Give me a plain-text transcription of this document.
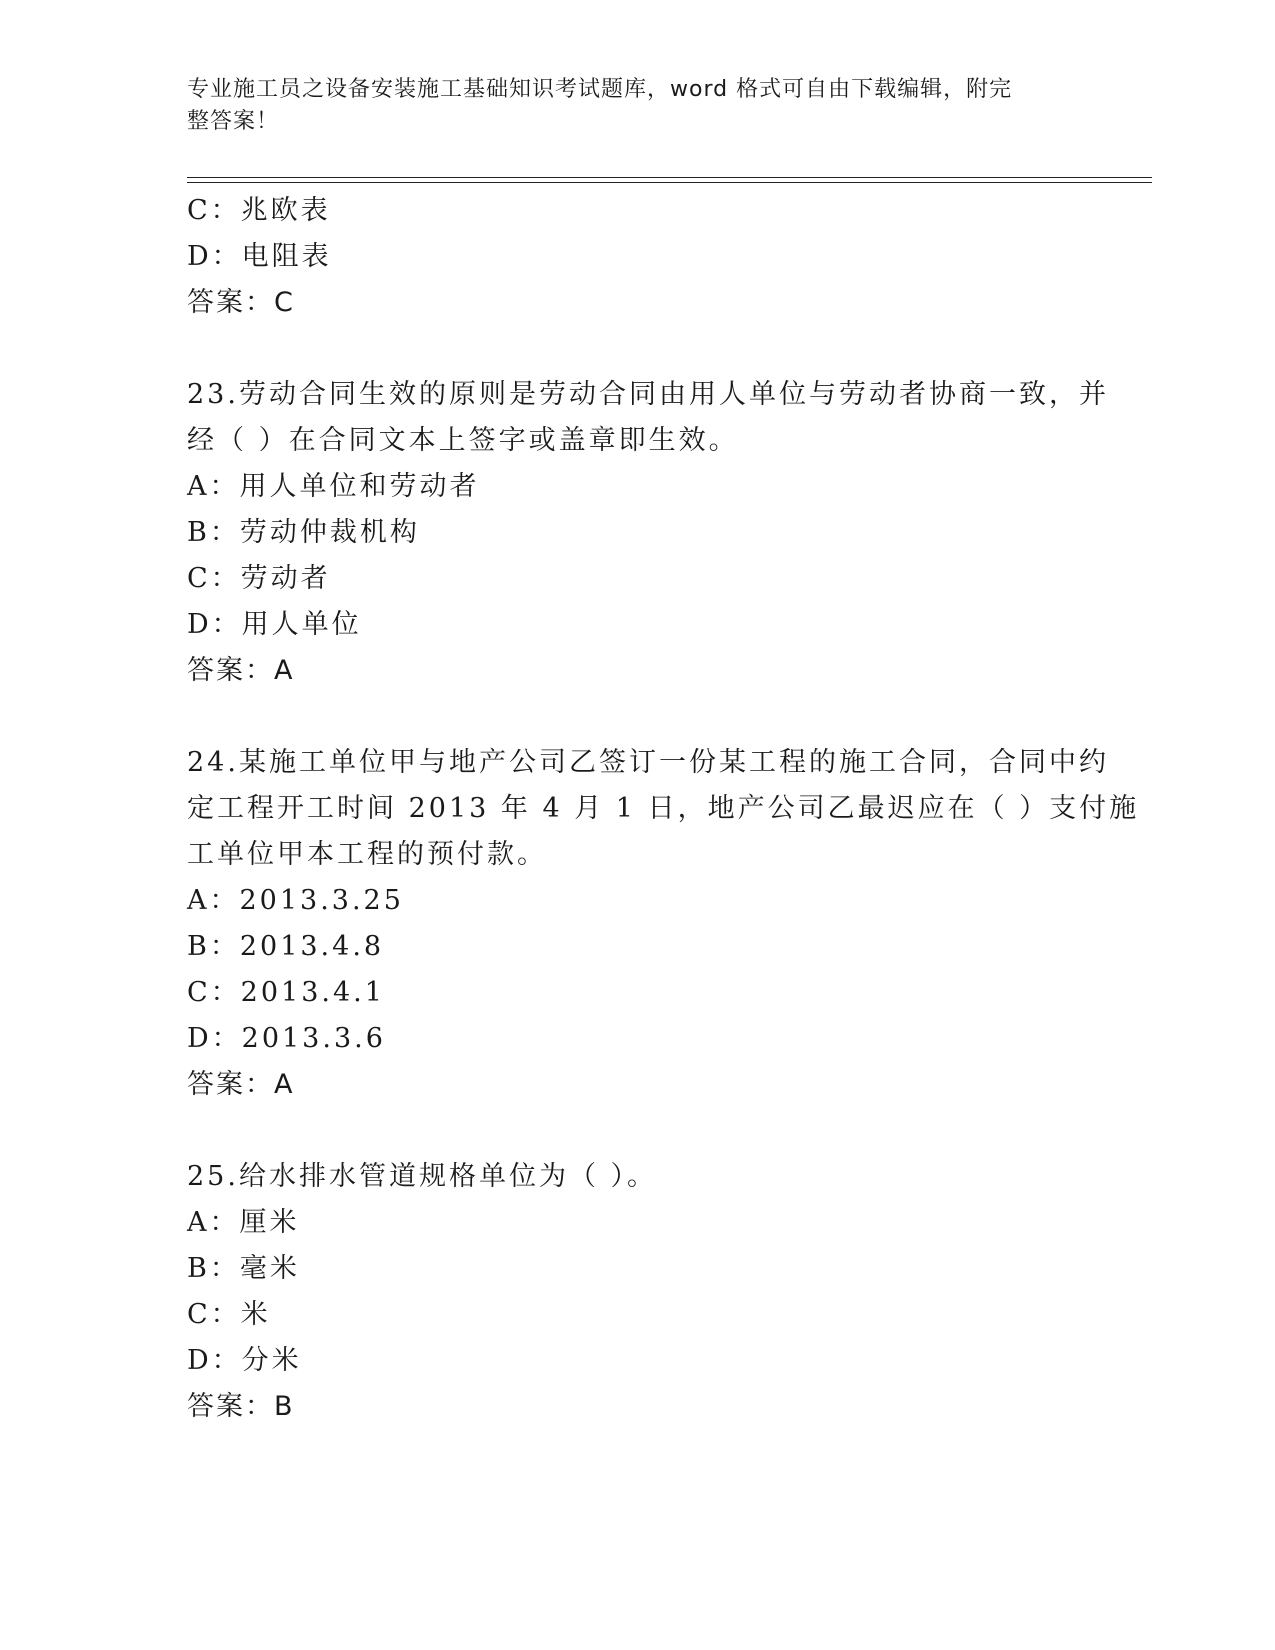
专业施工员之设备安装施工基础知识考试题库，word 格式可自由下载编辑，附完
整答案！
C：兆欧表
D：电阻表
答案：C
23.劳动合同生效的原则是劳动合同由用人单位与劳动者协商一致，并
经（ ）在合同文本上签字或盖章即生效。
A：用人单位和劳动者
B：劳动仲裁机构
C：劳动者
D：用人单位
答案：A
24.某施工单位甲与地产公司乙签订一份某工程的施工合同，合同中约
定工程开工时间 2013 年 4 月 1 日，地产公司乙最迟应在（ ）支付施
工单位甲本工程的预付款。
A：2013.3.25
B：2013.4.8
C：2013.4.1
D：2013.3.6
答案：A
25.给水排水管道规格单位为（ ）。
A：厘米
B：毫米
C：米
D：分米
答案：B
